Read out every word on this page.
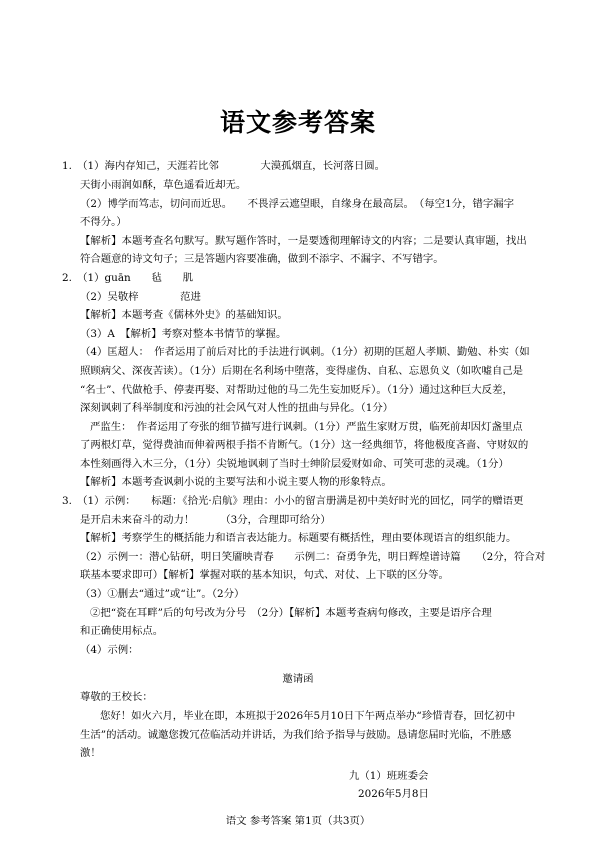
语文参考答案
1.　（1）海内存知己，天涯若比邻　　　　大漠孤烟直，长河落日圆。
天街小雨润如酥，草色遥看近却无。
（2）博学而笃志，切问而近思。　　不畏浮云遮望眼，自缘身在最高层。　（每空1分，错字漏字
不得分。）
【解析】本题考查名句默写。默写题作答时，一是要透彻理解诗文的内容；二是要认真审题，找出
符合题意的诗文句子；三是答题内容要准确，做到不添字、不漏字、不写错字。
2.　（1）guān　　毡　　肌
（2）吴敬梓　　　　范进
【解析】本题考查《儒林外史》的基础知识。
（3）A　【解析】考察对整本书情节的掌握。
（4）匡超人：　作者运用了前后对比的手法进行讽刺。（1分）初期的匡超人孝顺、勤勉、朴实（如
照顾病父、深夜苦读）。（1分）后期在名利场中堕落，变得虚伪、自私、忘恩负义（如吹嘘自己是
“名士”、代做枪手、停妻再娶、对帮助过他的马二先生妄加贬斥）。（1分）通过这种巨大反差，
深刻讽刺了科举制度和污浊的社会风气对人性的扭曲与异化。（1分）
严监生：　作者运用了夸张的细节描写进行讽刺。（1分）严监生家财万贯，临死前却因灯盏里点
了两根灯草，觉得费油而伸着两根手指不肯断气。（1分）这一经典细节，将他极度吝啬、守财奴的
本性刻画得入木三分，（1分）尖锐地讽刺了当时士绅阶层爱财如命、可笑可悲的灵魂。（1分）
【解析】本题考查讽刺小说的主要写法和小说主要人物的形象特点。
3.　（1）示例：　　标题：《拾光·启航》理由：小小的留言册满是初中美好时光的回忆，同学的赠语更
是开启未来奋斗的动力！　　　（3分，合理即可给分）
【解析】考察学生的概括能力和语言表达能力。标题要有概括性，理由要体现语言的组织能力。
（2）示例一：潜心钻研，明日笑靥映青春　　示例二：奋勇争先，明日辉煌谱诗篇　　（2分，符合对
联基本要求即可）【解析】掌握对联的基本知识，句式、对仗、上下联的区分等。
（3）①删去“通过”或“让”。（2分）
②把“瓷在耳畔”后的句号改为分号　（2分）【解析】本题考查病句修改，主要是语序合理
和正确使用标点。
（4）示例：
邀请函
尊敬的王校长：
您好！如火六月，毕业在即，本班拟于2026年5月10日下午两点举办“珍惜青春，回忆初中
生活”的活动。诚邀您拨冗莅临活动并讲话，为我们给予指导与鼓励。恳请您届时光临，不胜感
激！
九（1）班班委会
2026年5月8日
语文 参考答案 第1页（共3页）
